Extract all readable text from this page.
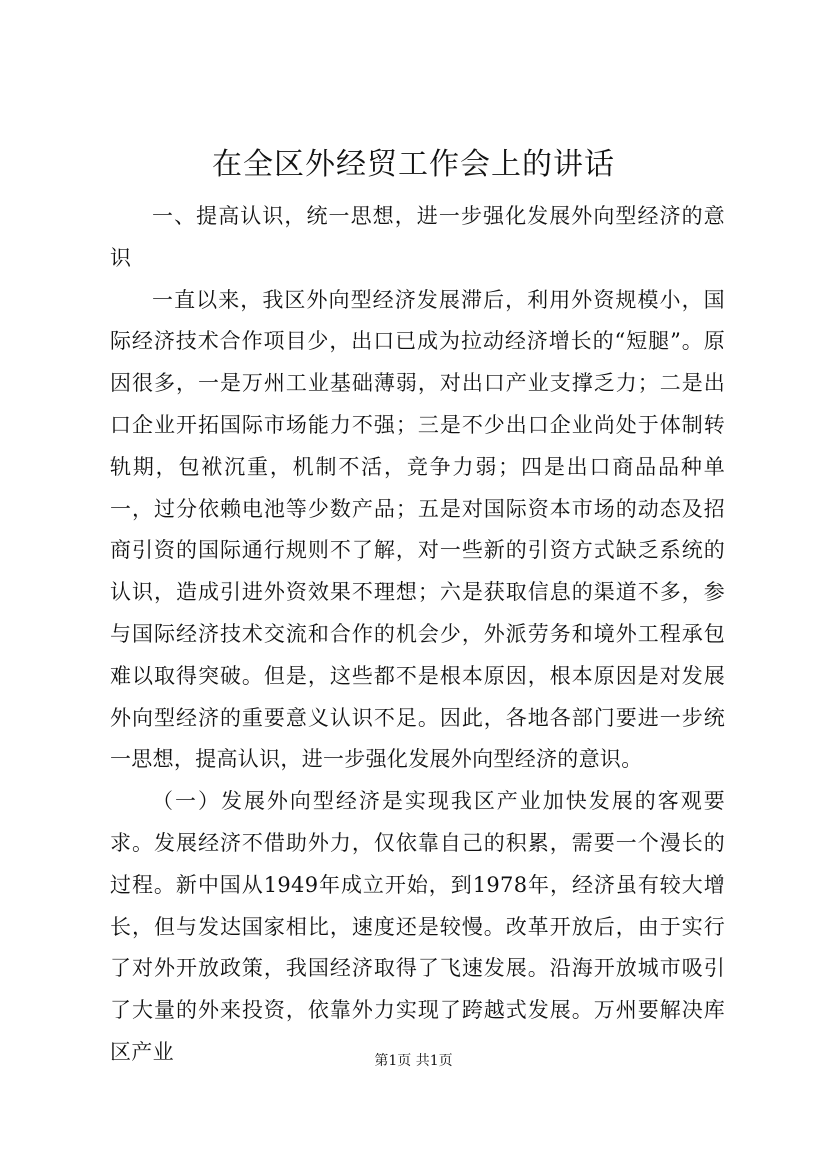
在全区外经贸工作会上的讲话

一、提高认识，统一思想，进一步强化发展外向型经济的意识

一直以来，我区外向型经济发展滞后，利用外资规模小，国际经济技术合作项目少，出口已成为拉动经济增长的“短腿”。原因很多，一是万州工业基础薄弱，对出口产业支撑乏力；二是出口企业开拓国际市场能力不强；三是不少出口企业尚处于体制转轨期，包袱沉重，机制不活，竞争力弱；四是出口商品品种单一，过分依赖电池等少数产品；五是对国际资本市场的动态及招商引资的国际通行规则不了解，对一些新的引资方式缺乏系统的认识，造成引进外资效果不理想；六是获取信息的渠道不多，参与国际经济技术交流和合作的机会少，外派劳务和境外工程承包难以取得突破。但是，这些都不是根本原因，根本原因是对发展外向型经济的重要意义认识不足。因此，各地各部门要进一步统一思想，提高认识，进一步强化发展外向型经济的意识。

（一）发展外向型经济是实现我区产业加快发展的客观要求。发展经济不借助外力，仅依靠自己的积累，需要一个漫长的过程。新中国从1949年成立开始，到1978年，经济虽有较大增长，但与发达国家相比，速度还是较慢。改革开放后，由于实行了对外开放政策，我国经济取得了飞速发展。沿海开放城市吸引了大量的外来投资，依靠外力实现了跨越式发展。万州要解决库区产业	第1页 共1页
